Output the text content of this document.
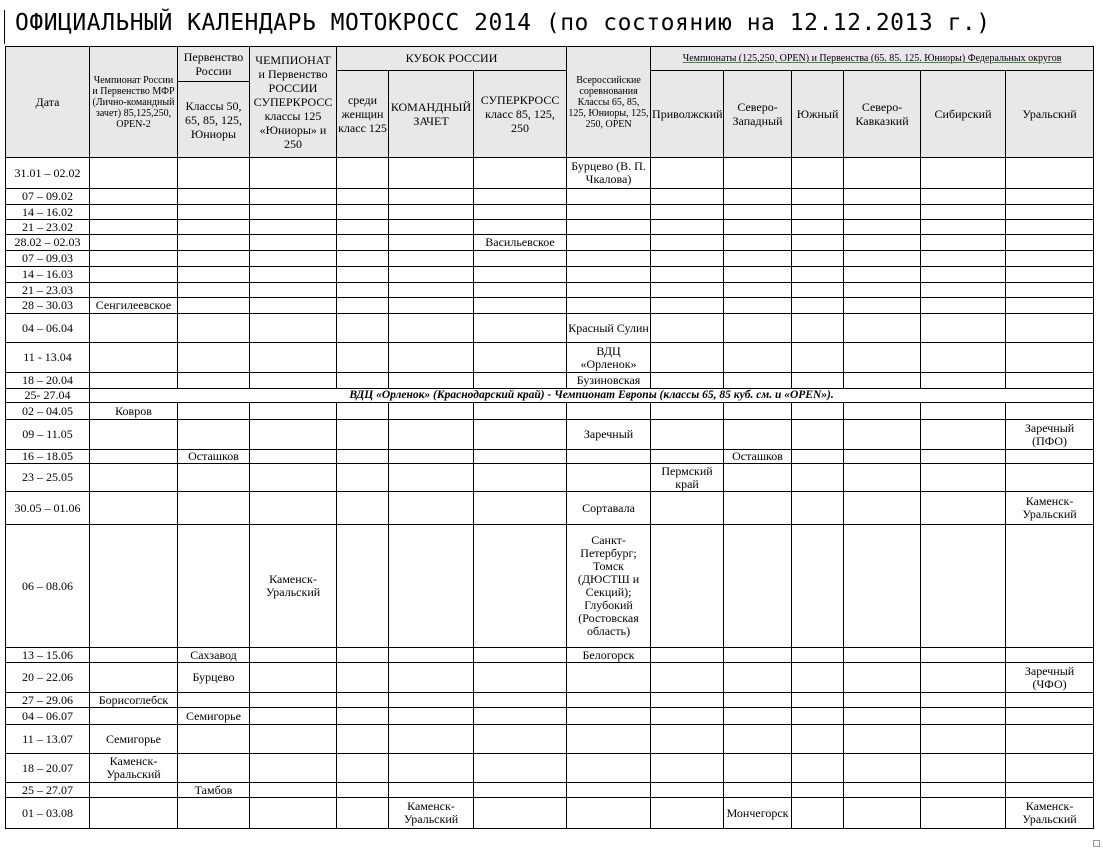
ОФИЦИАЛЬНЫЙ КАЛЕНДАРЬ МОТОКРОСС 2014 (по состоянию на 12.12.2013 г.)
Дата	Чемпионат России и Первенство МФР (Лично-командный зачет) 85,125,250, OPEN-2	Первенство России	ЧЕМПИОНАТ и Первенство РОССИИ СУПЕРКРОСС классы 125 «Юниоры» и 250	КУБОК РОССИИ			Всероссийские соревнования Классы 65, 85, 125, Юниоры, 125, 250, OPEN	Чемпионаты (125,250, OPEN) и Первенства (65. 85. 125. Юниоры) Федеральных округов					
				среди женщин класс 125	КОМАНДНЫЙ ЗАЧЕТ	СУПЕРКРОСС класс 85, 125, 250		Приволжский	Северо-Западный	Южный	Северо-Кавказкий	Сибирский	Уральский
		Классы 50, 65, 85, 125, Юниоры											
31.01 – 02.02							Бурцево (В. П. Чкалова)						
07 – 09.02													
14 – 16.02													
21 – 23.02													
28.02 – 02.03						Васильевское							
07 – 09.03													
14 – 16.03													
21 – 23.03													
28 – 30.03	Сенгилеевское												
04 – 06.04							Красный Сулин						
11 - 13.04							ВДЦ «Орленок»						
18 – 20.04							Бузиновская						
25- 27.04	ВДЦ «Орленок» (Краснодарский край) - Чемпионат Европы (классы 65, 85 куб. см. и «OPEN»).												
02 – 04.05	Ковров												
09 – 11.05							Заречный						Заречный (ПФО)
16 – 18.05		Осташков							Осташков				
23 – 25.05								Пермский край					
30.05 – 01.06							Сортавала						Каменск-Уральский
06 – 08.06			Каменск-Уральский				Санкт-Петербург; Томск (ДЮСТШ и Секций); Глубокий (Ростовская область)						
13 – 15.06		Сахзавод					Белогорск						
20 – 22.06		Бурцево											Заречный (ЧФО)
27 – 29.06	Борисоглебск												
04 – 06.07		Семигорье											
11 – 13.07	Семигорье												
18 – 20.07	Каменск-Уральский												
25 – 27.07		Тамбов											
01 – 03.08					Каменск-Уральский				Мончегорск				Каменск-Уральский
